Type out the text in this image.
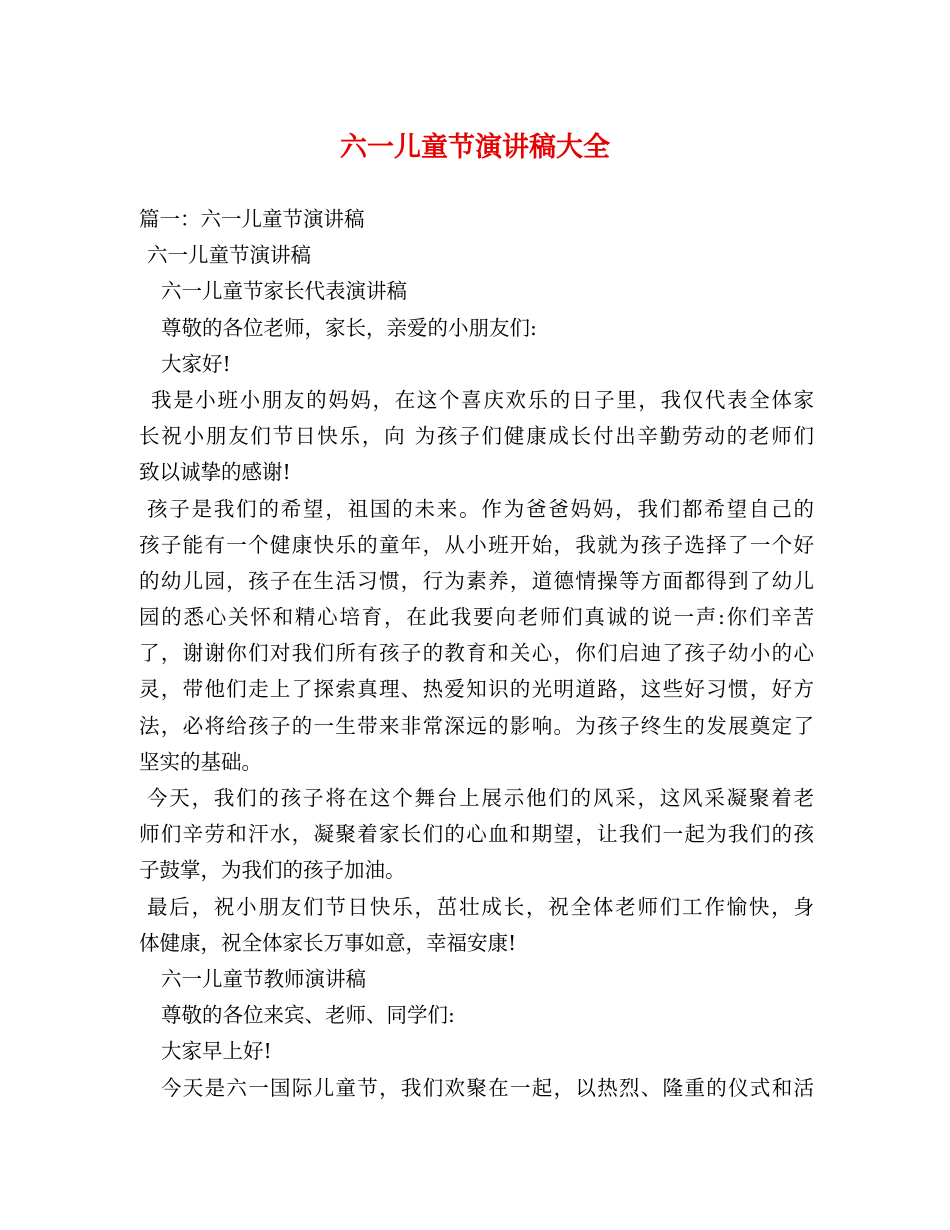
六一儿童节演讲稿大全

篇一：六一儿童节演讲稿

六一儿童节演讲稿

六一儿童节家长代表演讲稿

尊敬的各位老师，家长，亲爱的小朋友们:

大家好!

我是小班小朋友的妈妈，在这个喜庆欢乐的日子里，我仅代表全体家

长祝小朋友们节日快乐，向 为孩子们健康成长付出辛勤劳动的老师们

致以诚挚的感谢!

孩子是我们的希望，祖国的未来。作为爸爸妈妈，我们都希望自己的

孩子能有一个健康快乐的童年，从小班开始，我就为孩子选择了一个好

的幼儿园，孩子在生活习惯，行为素养，道德情操等方面都得到了幼儿

园的悉心关怀和精心培育，在此我要向老师们真诚的说一声:你们辛苦

了，谢谢你们对我们所有孩子的教育和关心，你们启迪了孩子幼小的心

灵，带他们走上了探索真理、热爱知识的光明道路，这些好习惯，好方

法，必将给孩子的一生带来非常深远的影响。为孩子终生的发展奠定了

坚实的基础。

今天，我们的孩子将在这个舞台上展示他们的风采，这风采凝聚着老

师们辛劳和汗水，凝聚着家长们的心血和期望，让我们一起为我们的孩

子鼓掌，为我们的孩子加油。

最后，祝小朋友们节日快乐，茁壮成长，祝全体老师们工作愉快，身

体健康，祝全体家长万事如意，幸福安康!

六一儿童节教师演讲稿

尊敬的各位来宾、老师、同学们:

大家早上好!

今天是六一国际儿童节，我们欢聚在一起，以热烈、隆重的仪式和活
